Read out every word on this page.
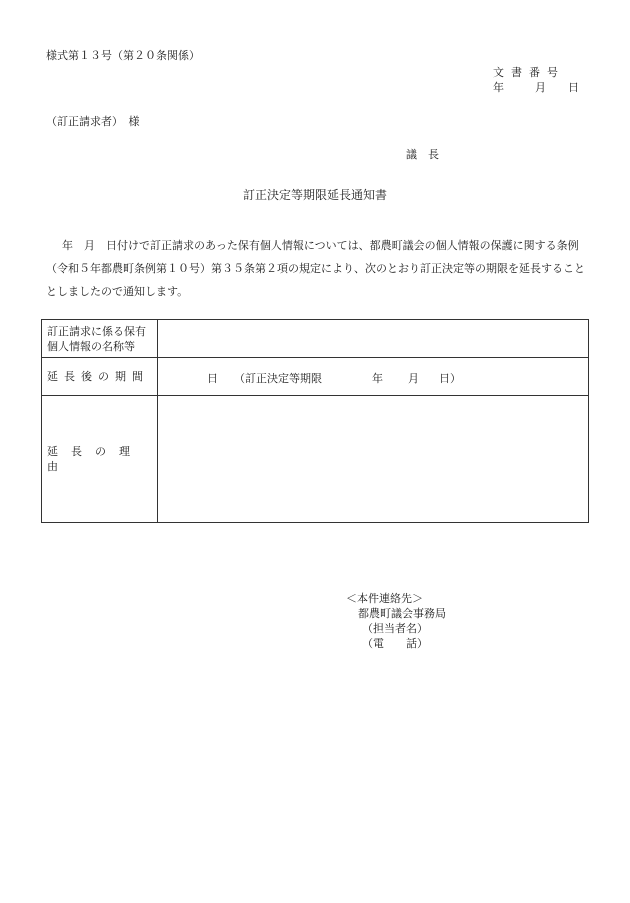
様式第１３号（第２０条関係）
文書番号
年	月 日
（訂正請求者）　様
議　長
訂正決定等期限延長通知書
年　月　日付けで訂正請求のあった保有個人情報については、都農町議会の個人情報の保護に関する条例（令和５年都農町条例第１０号）第３５条第２項の規定により、次のとおり訂正決定等の期限を延長することとしましたので通知します。
訂正請求に係る保有
個人情報の名称等
延長後の期間	日 （訂正決定等期限	年 月 日）
延長の理由
＜本件連絡先＞
都農町議会事務局
（担当者名）
（電　　話）
